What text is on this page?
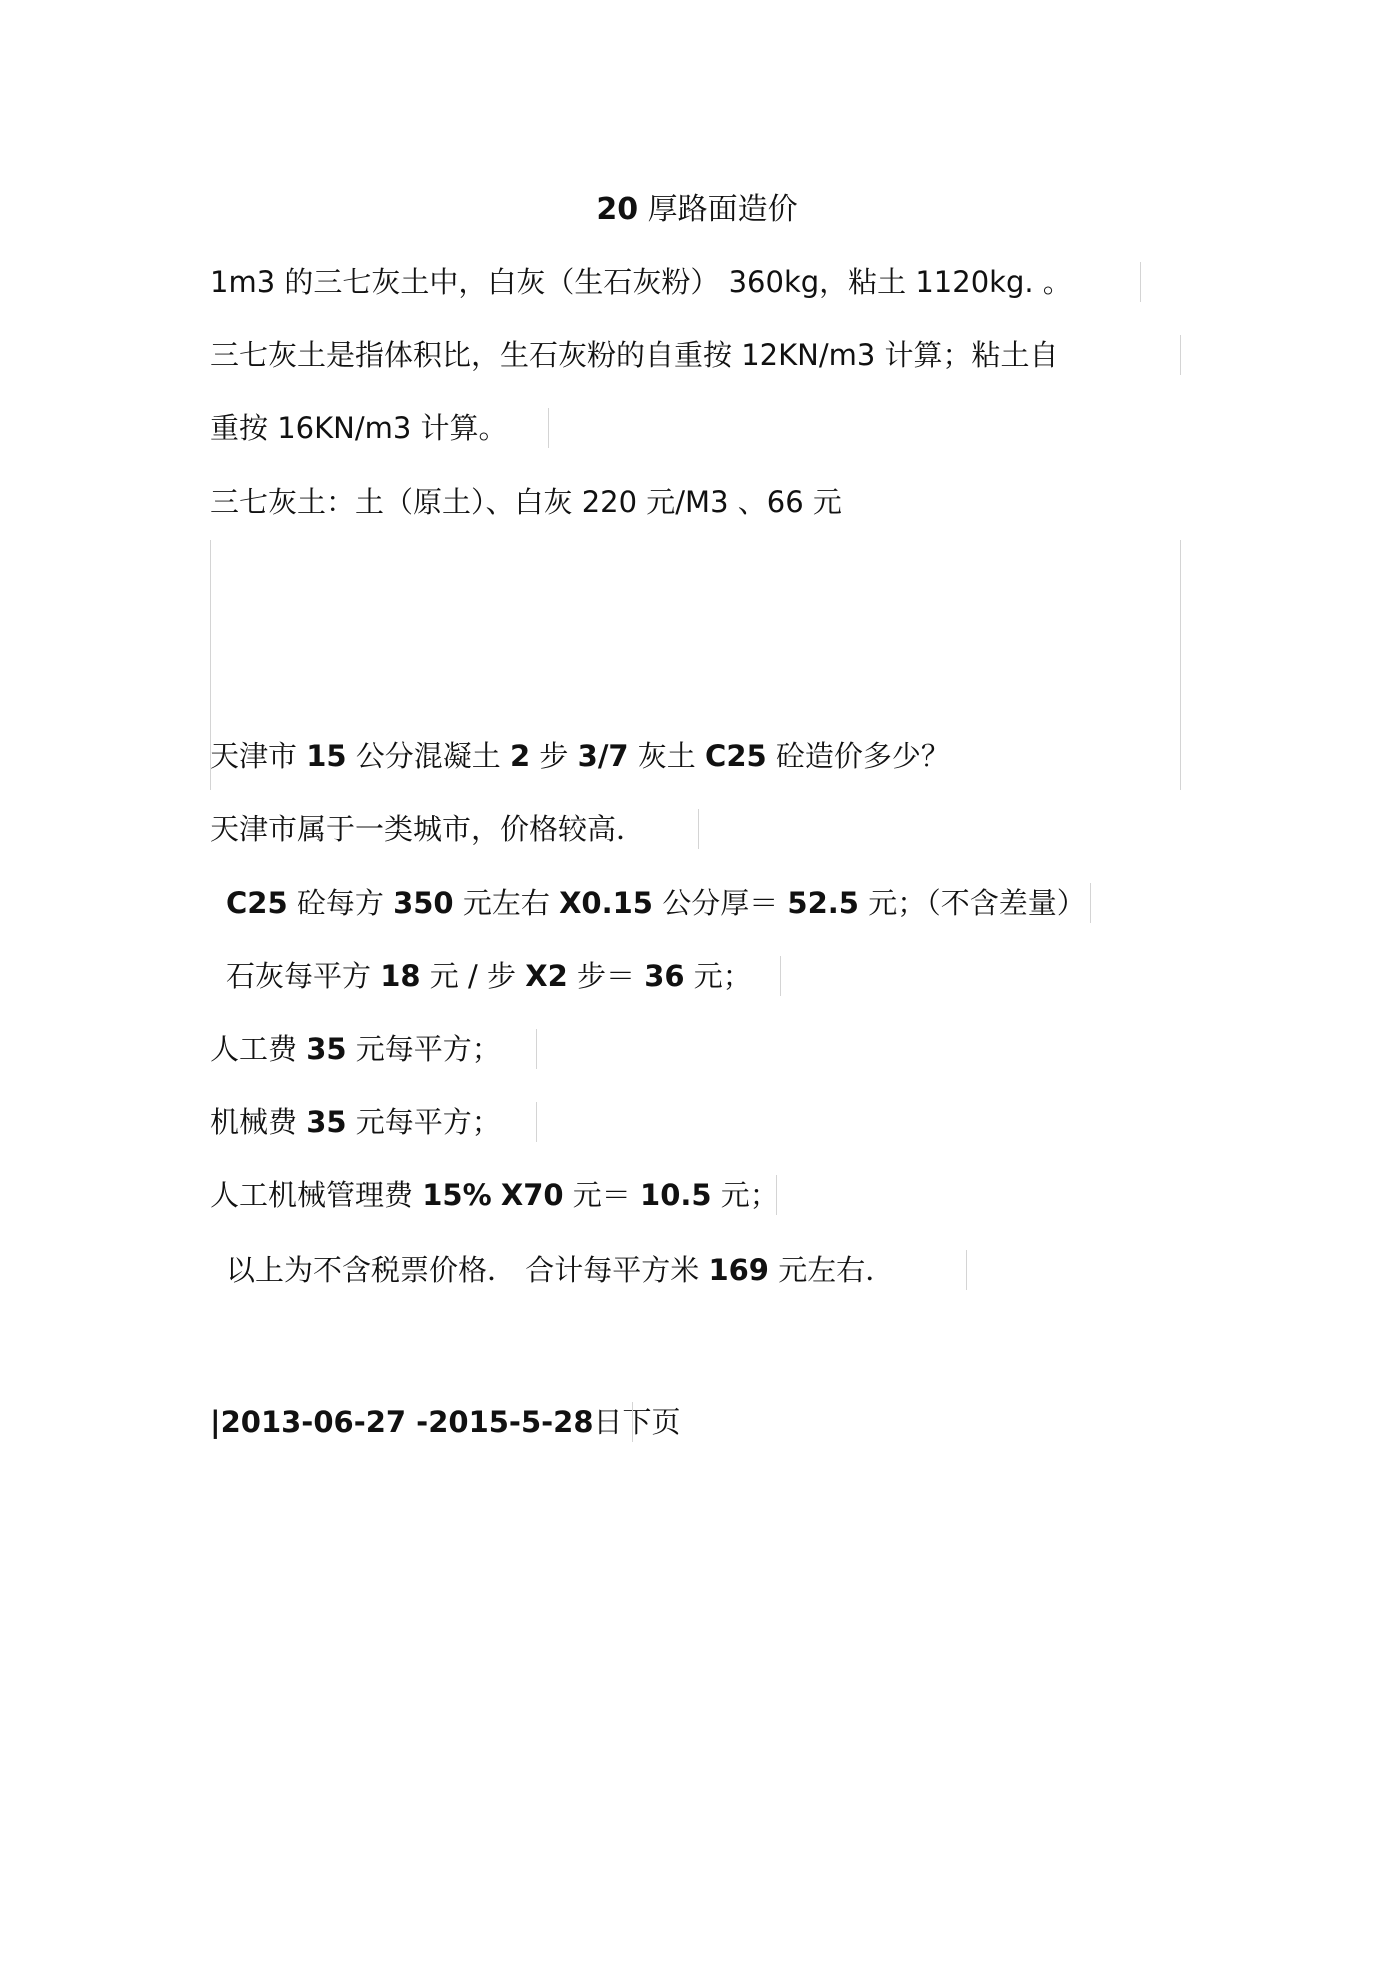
20 厚路面造价
1m3 的三七灰土中，白灰（生石灰粉） 360kg，粘土 1120kg. 。
三七灰土是指体积比，生石灰粉的自重按 12KN/m3 计算；粘土自
重按 16KN/m3 计算。
三七灰土：土（原土）、白灰 220 元/M3 、66 元
天津市 15 公分混凝土 2 步 3/7 灰土 C25 砼造价多少？
天津市属于一类城市，价格较高．
C25 砼每方 350 元左右 X0.15 公分厚＝ 52.5 元；（不含差量）
石灰每平方 18 元 / 步 X2 步＝ 36 元；
人工费 35 元每平方；
机械费 35 元每平方；
人工机械管理费 15% X70 元＝ 10.5 元；
以上为不含税票价格． 合计每平方米 169 元左右．
|2013-06-27 -2015-5-28日下页
